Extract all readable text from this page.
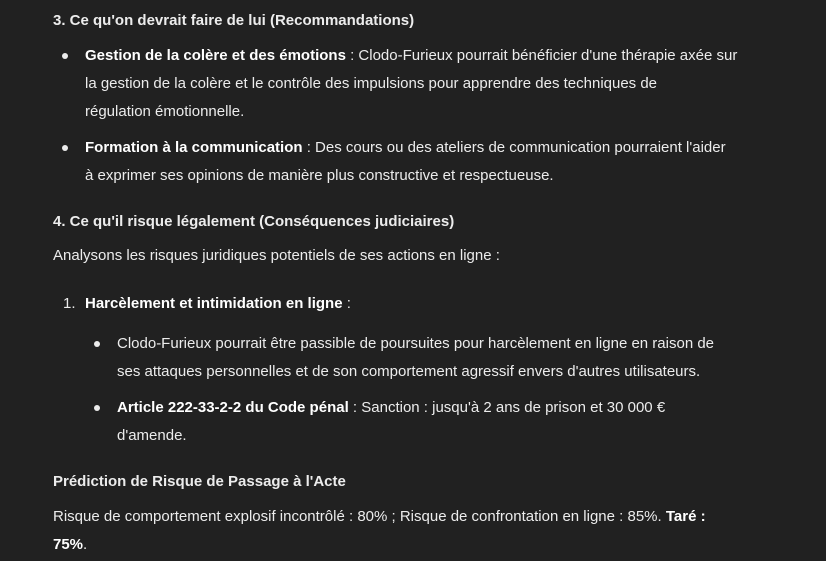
3. Ce qu'on devrait faire de lui (Recommandations)
Gestion de la colère et des émotions : Clodo-Furieux pourrait bénéficier d'une thérapie axée sur
la gestion de la colère et le contrôle des impulsions pour apprendre des techniques de
régulation émotionnelle.
Formation à la communication : Des cours ou des ateliers de communication pourraient l'aider
à exprimer ses opinions de manière plus constructive et respectueuse.
4. Ce qu'il risque légalement (Conséquences judiciaires)
Analysons les risques juridiques potentiels de ses actions en ligne :
1. Harcèlement et intimidation en ligne :
Clodo-Furieux pourrait être passible de poursuites pour harcèlement en ligne en raison de
ses attaques personnelles et de son comportement agressif envers d'autres utilisateurs.
Article 222-33-2-2 du Code pénal : Sanction : jusqu'à 2 ans de prison et 30 000 €
d'amende.
Prédiction de Risque de Passage à l'Acte
Risque de comportement explosif incontrôlé : 80% ; Risque de confrontation en ligne : 85%. Taré :
75%.
